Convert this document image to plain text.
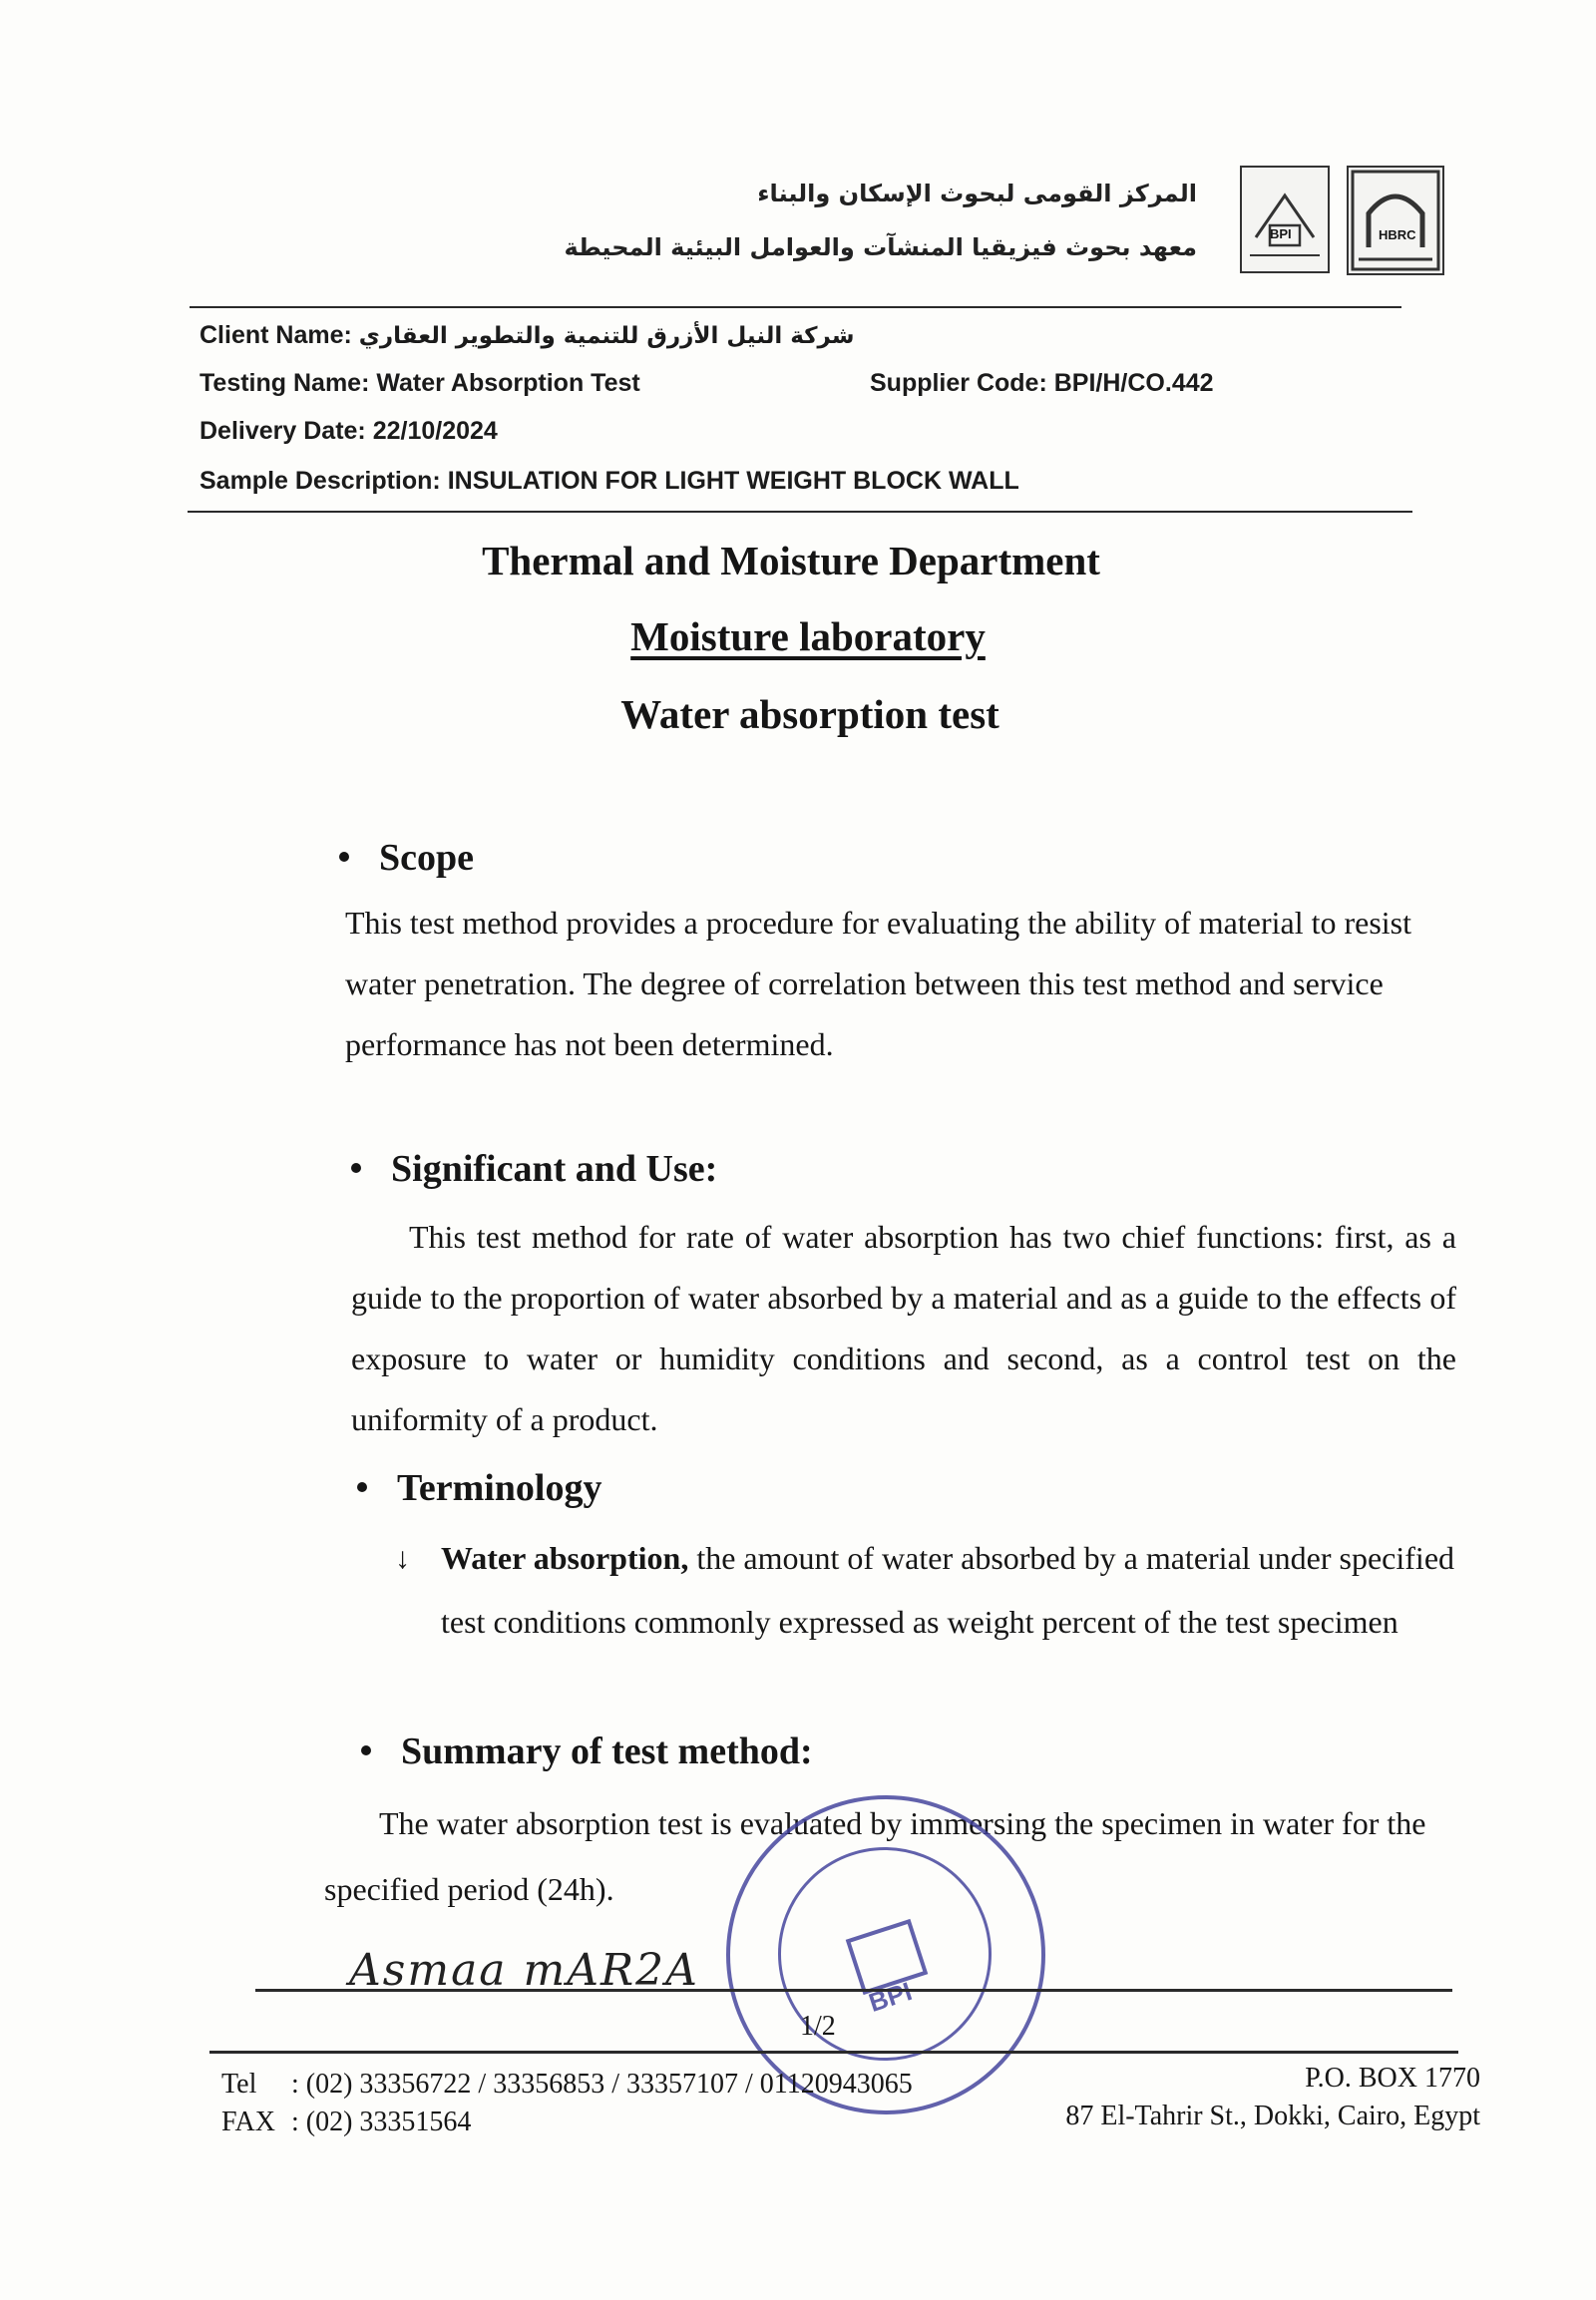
المركز القومى لبحوث الإسكان والبناء
معهد بحوث فيزيقيا المنشآت والعوامل البيئية المحيطة	BPI	HBRC
Client Name: شركة النيل الأزرق للتنمية والتطوير العقاري
Testing Name: Water Absorption Test	Supplier Code: BPI/H/CO.442
Delivery Date: 22/10/2024
Sample Description: INSULATION FOR LIGHT WEIGHT BLOCK WALL
Thermal and Moisture Department
Moisture laboratory
Water absorption test
Scope
This test method provides a procedure for evaluating the ability of material to resist water penetration. The degree of correlation between this test method and service performance has not been determined.
Significant and Use:
This test method for rate of water absorption has two chief functions: first, as a guide to the proportion of water absorbed by a material and as a guide to the effects of exposure to water or humidity conditions and second, as a control test on the uniformity of a product.
Terminology
↓ Water absorption, the amount of water absorbed by a material under specified test conditions commonly expressed as weight percent of the test specimen
Summary of test method:
The water absorption test is evaluated by immersing the specimen in water for the specified period (24h).
BPI
Asmaa mAR2A
1/2
Tel : (02) 33356722 / 33356853 / 33357107 / 01120943065
FAX : (02) 33351564
P.O. BOX 1770
87 El-Tahrir St., Dokki, Cairo, Egypt
